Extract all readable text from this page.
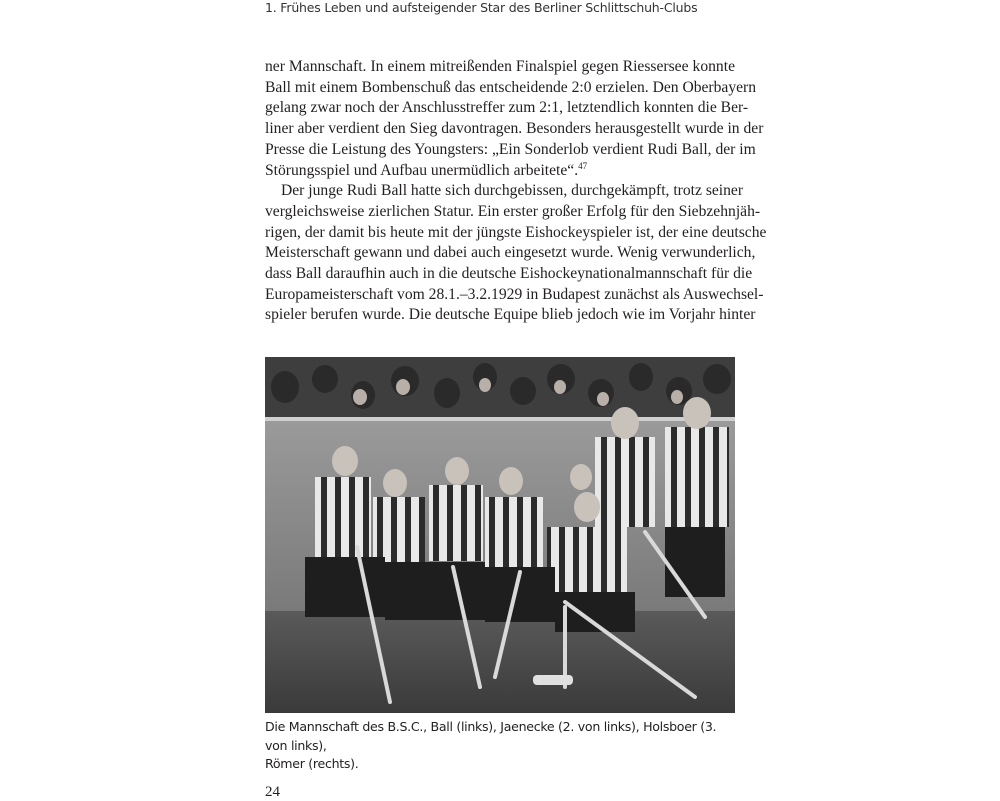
1. Frühes Leben und aufsteigender Star des Berliner Schlittschuh-Clubs
ner Mannschaft. In einem mitreißenden Finalspiel gegen Riessersee konnte
Ball mit einem Bombenschuß das entscheidende 2:0 erzielen. Den Oberbayern
gelang zwar noch der Anschlusstreffer zum 2:1, letztendlich konnten die Ber-
liner aber verdient den Sieg davontragen. Besonders herausgestellt wurde in der
Presse die Leistung des Youngsters: „Ein Sonderlob verdient Rudi Ball, der im
Störungsspiel und Aufbau unermüdlich arbeitete“.$^{47}$
Der junge Rudi Ball hatte sich durchgebissen, durchgekämpft, trotz seiner
vergleichsweise zierlichen Statur. Ein erster großer Erfolg für den Siebzehnjäh-
rigen, der damit bis heute mit der jüngste Eishockeyspieler ist, der eine deutsche
Meisterschaft gewann und dabei auch eingesetzt wurde. Wenig verwunderlich,
dass Ball daraufhin auch in die deutsche Eishockeynationalmannschaft für die
Europameisterschaft vom 28.1.–3.2.1929 in Budapest zunächst als Auswechsel-
spieler berufen wurde. Die deutsche Equipe blieb jedoch wie im Vorjahr hinter
Die Mannschaft des B.S.C., Ball (links), Jaenecke (2. von links), Holsboer (3. von links),
Römer (rechts).
24
